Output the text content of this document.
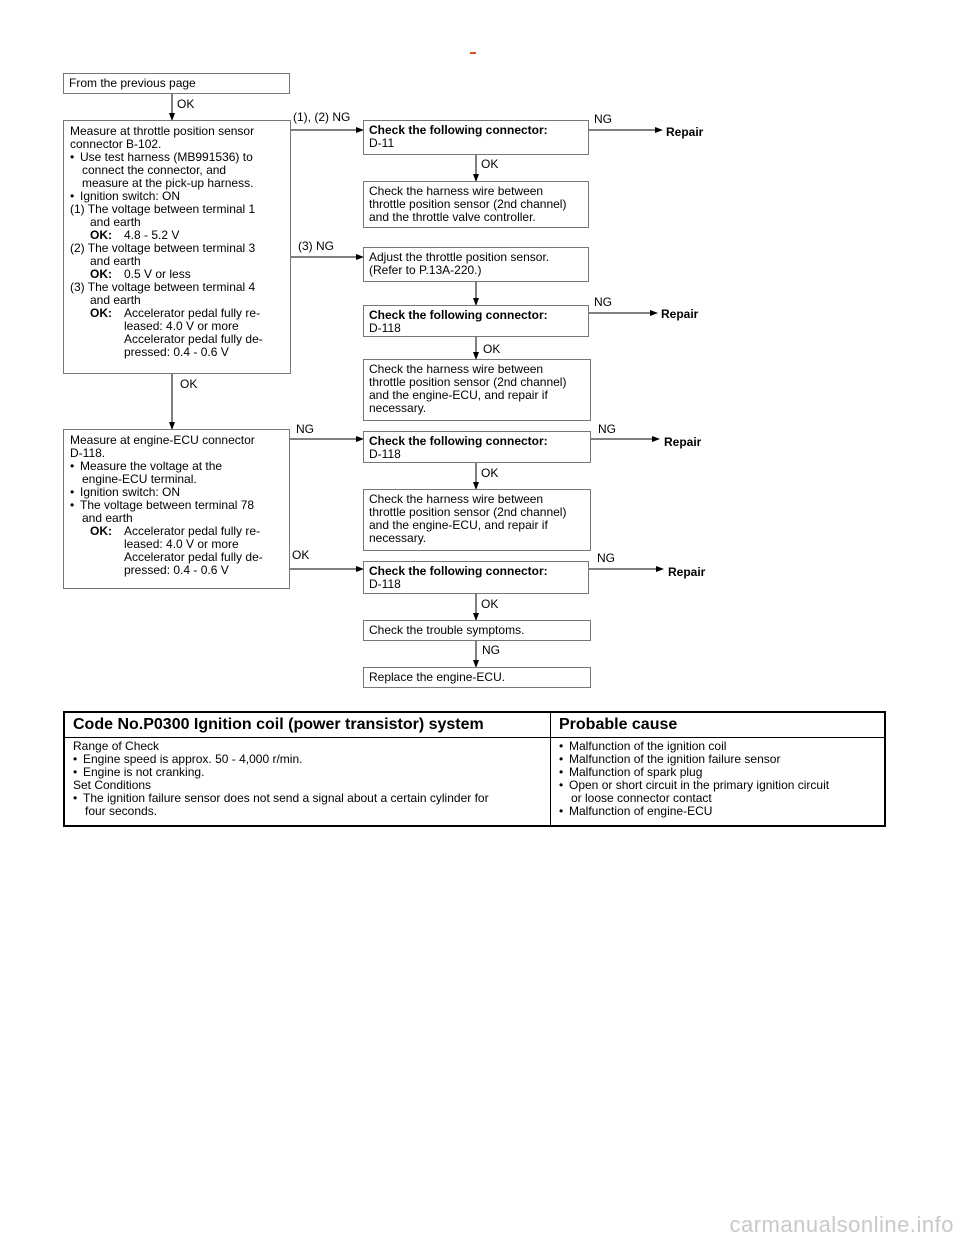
From the previous page
OK
Measure at throttle position sensor
connector B-102.
• Use test harness (MB991536) to
connect the connector, and
measure at the pick-up harness.
• Ignition switch: ON
(1) The voltage between terminal 1
and earth
OK: 4.8 - 5.2 V
(2) The voltage between terminal 3
and earth
OK: 0.5 V or less
(3) The voltage between terminal 4
and earth
OK: Accelerator pedal fully re-
leased: 4.0 V or more
Accelerator pedal fully de-
pressed: 0.4 - 0.6 V
(1), (2) NG
(3) NG
Check the following connector:
D-11
NG
Repair
OK
Check the harness wire between
throttle position sensor (2nd channel)
and the throttle valve controller.
Adjust the throttle position sensor.
(Refer to P.13A-220.)
Check the following connector:
D-118
NG
Repair
OK
Check the harness wire between
throttle position sensor (2nd channel)
and the engine-ECU, and repair if
necessary.
OK
Measure at engine-ECU connector
D-118.
• Measure the voltage at the
engine-ECU terminal.
• Ignition switch: ON
• The voltage between terminal 78
and earth
OK: Accelerator pedal fully re-
leased: 4.0 V or more
Accelerator pedal fully de-
pressed: 0.4 - 0.6 V
NG
OK
Check the following connector:
D-118
NG
Repair
OK
Check the harness wire between
throttle position sensor (2nd channel)
and the engine-ECU, and repair if
necessary.
Check the following connector:
D-118
NG
Repair
OK
Check the trouble symptoms.
NG
Replace the engine-ECU.
Code No.P0300 Ignition coil (power transistor) system	Probable cause
Range of Check
• Engine speed is approx. 50 - 4,000 r/min.
• Engine is not cranking.
Set Conditions
• The ignition failure sensor does not send a signal about a certain cylinder for
four seconds.
• Malfunction of the ignition coil
• Malfunction of the ignition failure sensor
• Malfunction of spark plug
• Open or short circuit in the primary ignition circuit
or loose connector contact
• Malfunction of engine-ECU
carmanualsonline.info
